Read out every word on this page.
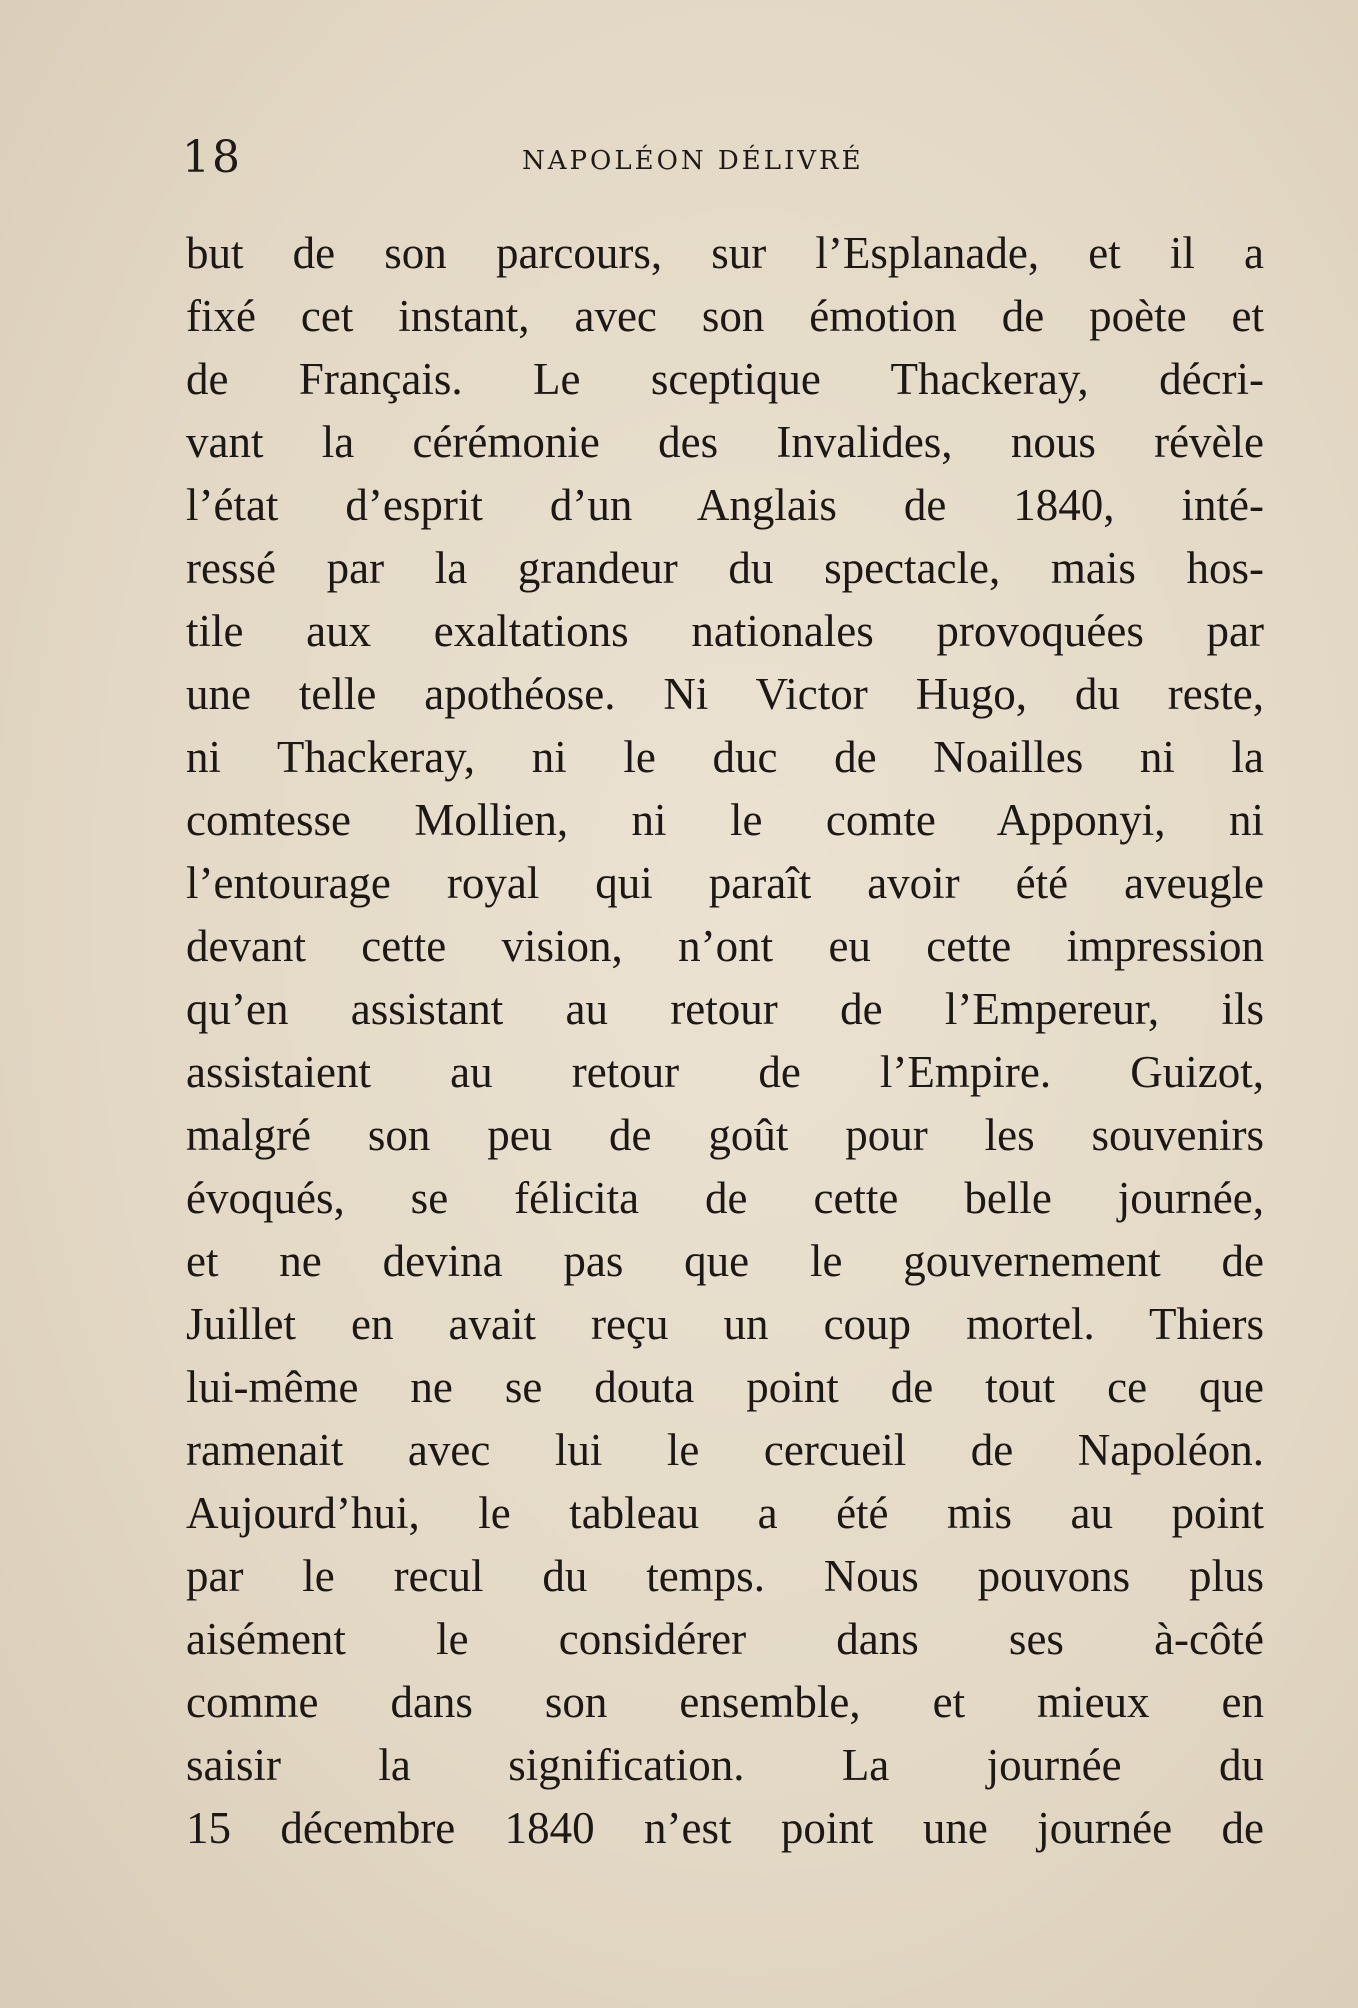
18	NAPOLÉON DÉLIVRÉ
but de son parcours, sur l’Esplanade, et il a
fixé cet instant, avec son émotion de poète et
de Français. Le sceptique Thackeray, décri-
vant la cérémonie des Invalides, nous révèle
l’état d’esprit d’un Anglais de 1840, inté-
ressé par la grandeur du spectacle, mais hos-
tile aux exaltations nationales provoquées par
une telle apothéose. Ni Victor Hugo, du reste,
ni Thackeray, ni le duc de Noailles ni la
comtesse Mollien, ni le comte Apponyi, ni
l’entourage royal qui paraît avoir été aveugle
devant cette vision, n’ont eu cette impression
qu’en assistant au retour de l’Empereur, ils
assistaient au retour de l’Empire. Guizot,
malgré son peu de goût pour les souvenirs
évoqués, se félicita de cette belle journée,
et ne devina pas que le gouvernement de
Juillet en avait reçu un coup mortel. Thiers
lui-même ne se douta point de tout ce que
ramenait avec lui le cercueil de Napoléon.
Aujourd’hui, le tableau a été mis au point
par le recul du temps. Nous pouvons plus
aisément le considérer dans ses à-côté
comme dans son ensemble, et mieux en
saisir la signification. La journée du
15 décembre 1840 n’est point une journée de
